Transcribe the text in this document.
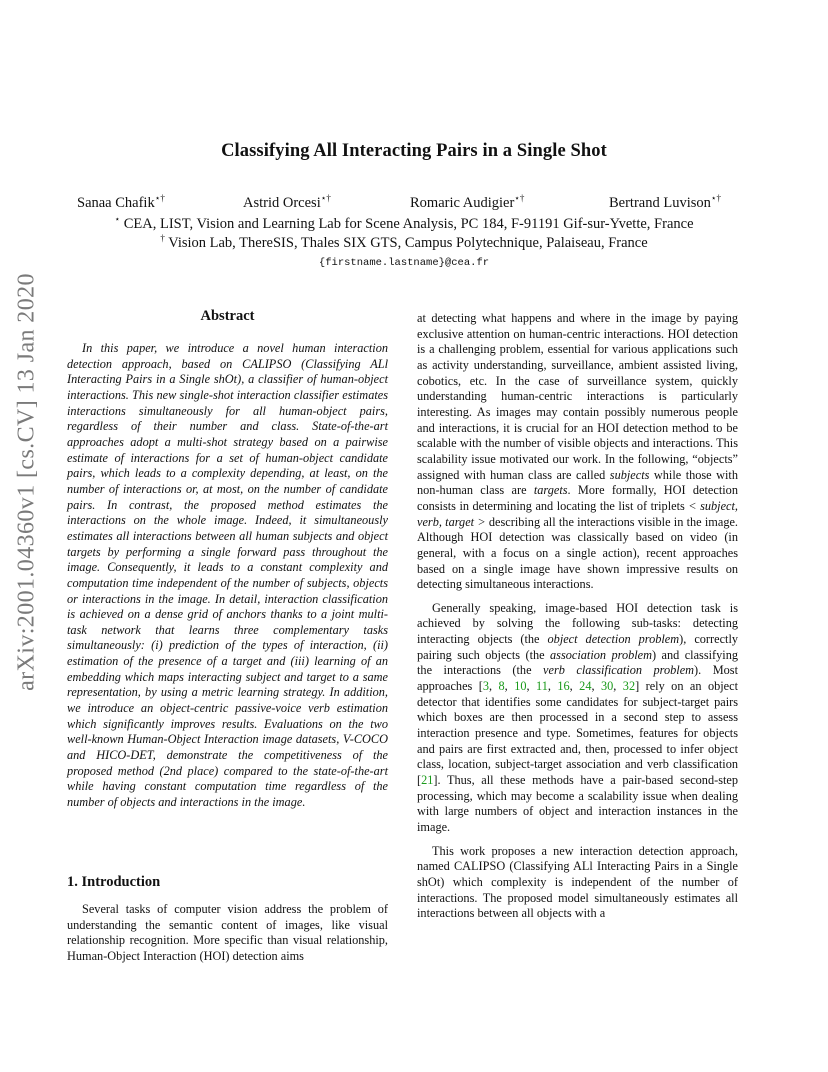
arXiv:2001.04360v1 [cs.CV] 13 Jan 2020
Classifying All Interacting Pairs in a Single Shot
Sanaa Chafik⋆†	Astrid Orcesi⋆†	Romaric Audigier⋆†	Bertrand Luvison⋆†
⋆ CEA, LIST, Vision and Learning Lab for Scene Analysis, PC 184, F-91191 Gif-sur-Yvette, France
† Vision Lab, ThereSIS, Thales SIX GTS, Campus Polytechnique, Palaiseau, France
{firstname.lastname}@cea.fr
Abstract

In this paper, we introduce a novel human interaction detection approach, based on CALIPSO (Classifying ALl Interacting Pairs in a Single shOt), a classifier of human-object interactions. This new single-shot interaction classifier estimates interactions simultaneously for all human-object pairs, regardless of their number and class. State-of-the-art approaches adopt a multi-shot strategy based on a pairwise estimate of interactions for a set of human-object candidate pairs, which leads to a complexity depending, at least, on the number of interactions or, at most, on the number of candidate pairs. In contrast, the proposed method estimates the interactions on the whole image. Indeed, it simultaneously estimates all interactions between all human subjects and object targets by performing a single forward pass throughout the image. Consequently, it leads to a constant complexity and computation time independent of the number of subjects, objects or interactions in the image. In detail, interaction classification is achieved on a dense grid of anchors thanks to a joint multi-task network that learns three complementary tasks simultaneously: (i) prediction of the types of interaction, (ii) estimation of the presence of a target and (iii) learning of an embedding which maps interacting subject and target to a same representation, by using a metric learning strategy. In addition, we introduce an object-centric passive-voice verb estimation which significantly improves results. Evaluations on the two well-known Human-Object Interaction image datasets, V-COCO and HICO-DET, demonstrate the competitiveness of the proposed method (2nd place) compared to the state-of-the-art while having constant computation time regardless of the number of objects and interactions in the image.

1. Introduction

Several tasks of computer vision address the problem of understanding the semantic content of images, like visual relationship recognition. More specific than visual relationship, Human-Object Interaction (HOI) detection aims

at detecting what happens and where in the image by paying exclusive attention on human-centric interactions. HOI detection is a challenging problem, essential for various applications such as activity understanding, surveillance, ambient assisted living, cobotics, etc. In the case of surveillance system, quickly understanding human-centric interactions is particularly interesting. As images may contain possibly numerous people and interactions, it is crucial for an HOI detection method to be scalable with the number of visible objects and interactions. This scalability issue motivated our work. In the following, “objects” assigned with human class are called subjects while those with non-human class are targets. More formally, HOI detection consists in determining and locating the list of triplets < subject, verb, target > describing all the interactions visible in the image. Although HOI detection was classically based on video (in general, with a focus on a single action), recent approaches based on a single image have shown impressive results on detecting simultaneous interactions.

Generally speaking, image-based HOI detection task is achieved by solving the following sub-tasks: detecting interacting objects (the object detection problem), correctly pairing such objects (the association problem) and classifying the interactions (the verb classification problem). Most approaches [3, 8, 10, 11, 16, 24, 30, 32] rely on an object detector that identifies some candidates for subject-target pairs which boxes are then processed in a second step to assess interaction presence and type. Sometimes, features for objects and pairs are first extracted and, then, processed to infer object class, location, subject-target association and verb classification [21]. Thus, all these methods have a pair-based second-step processing, which may become a scalability issue when dealing with large numbers of object and interaction instances in the image.

This work proposes a new interaction detection approach, named CALIPSO (Classifying ALl Interacting Pairs in a Single shOt) which complexity is independent of the number of interactions. The proposed model simultaneously estimates all interactions between all objects with a
